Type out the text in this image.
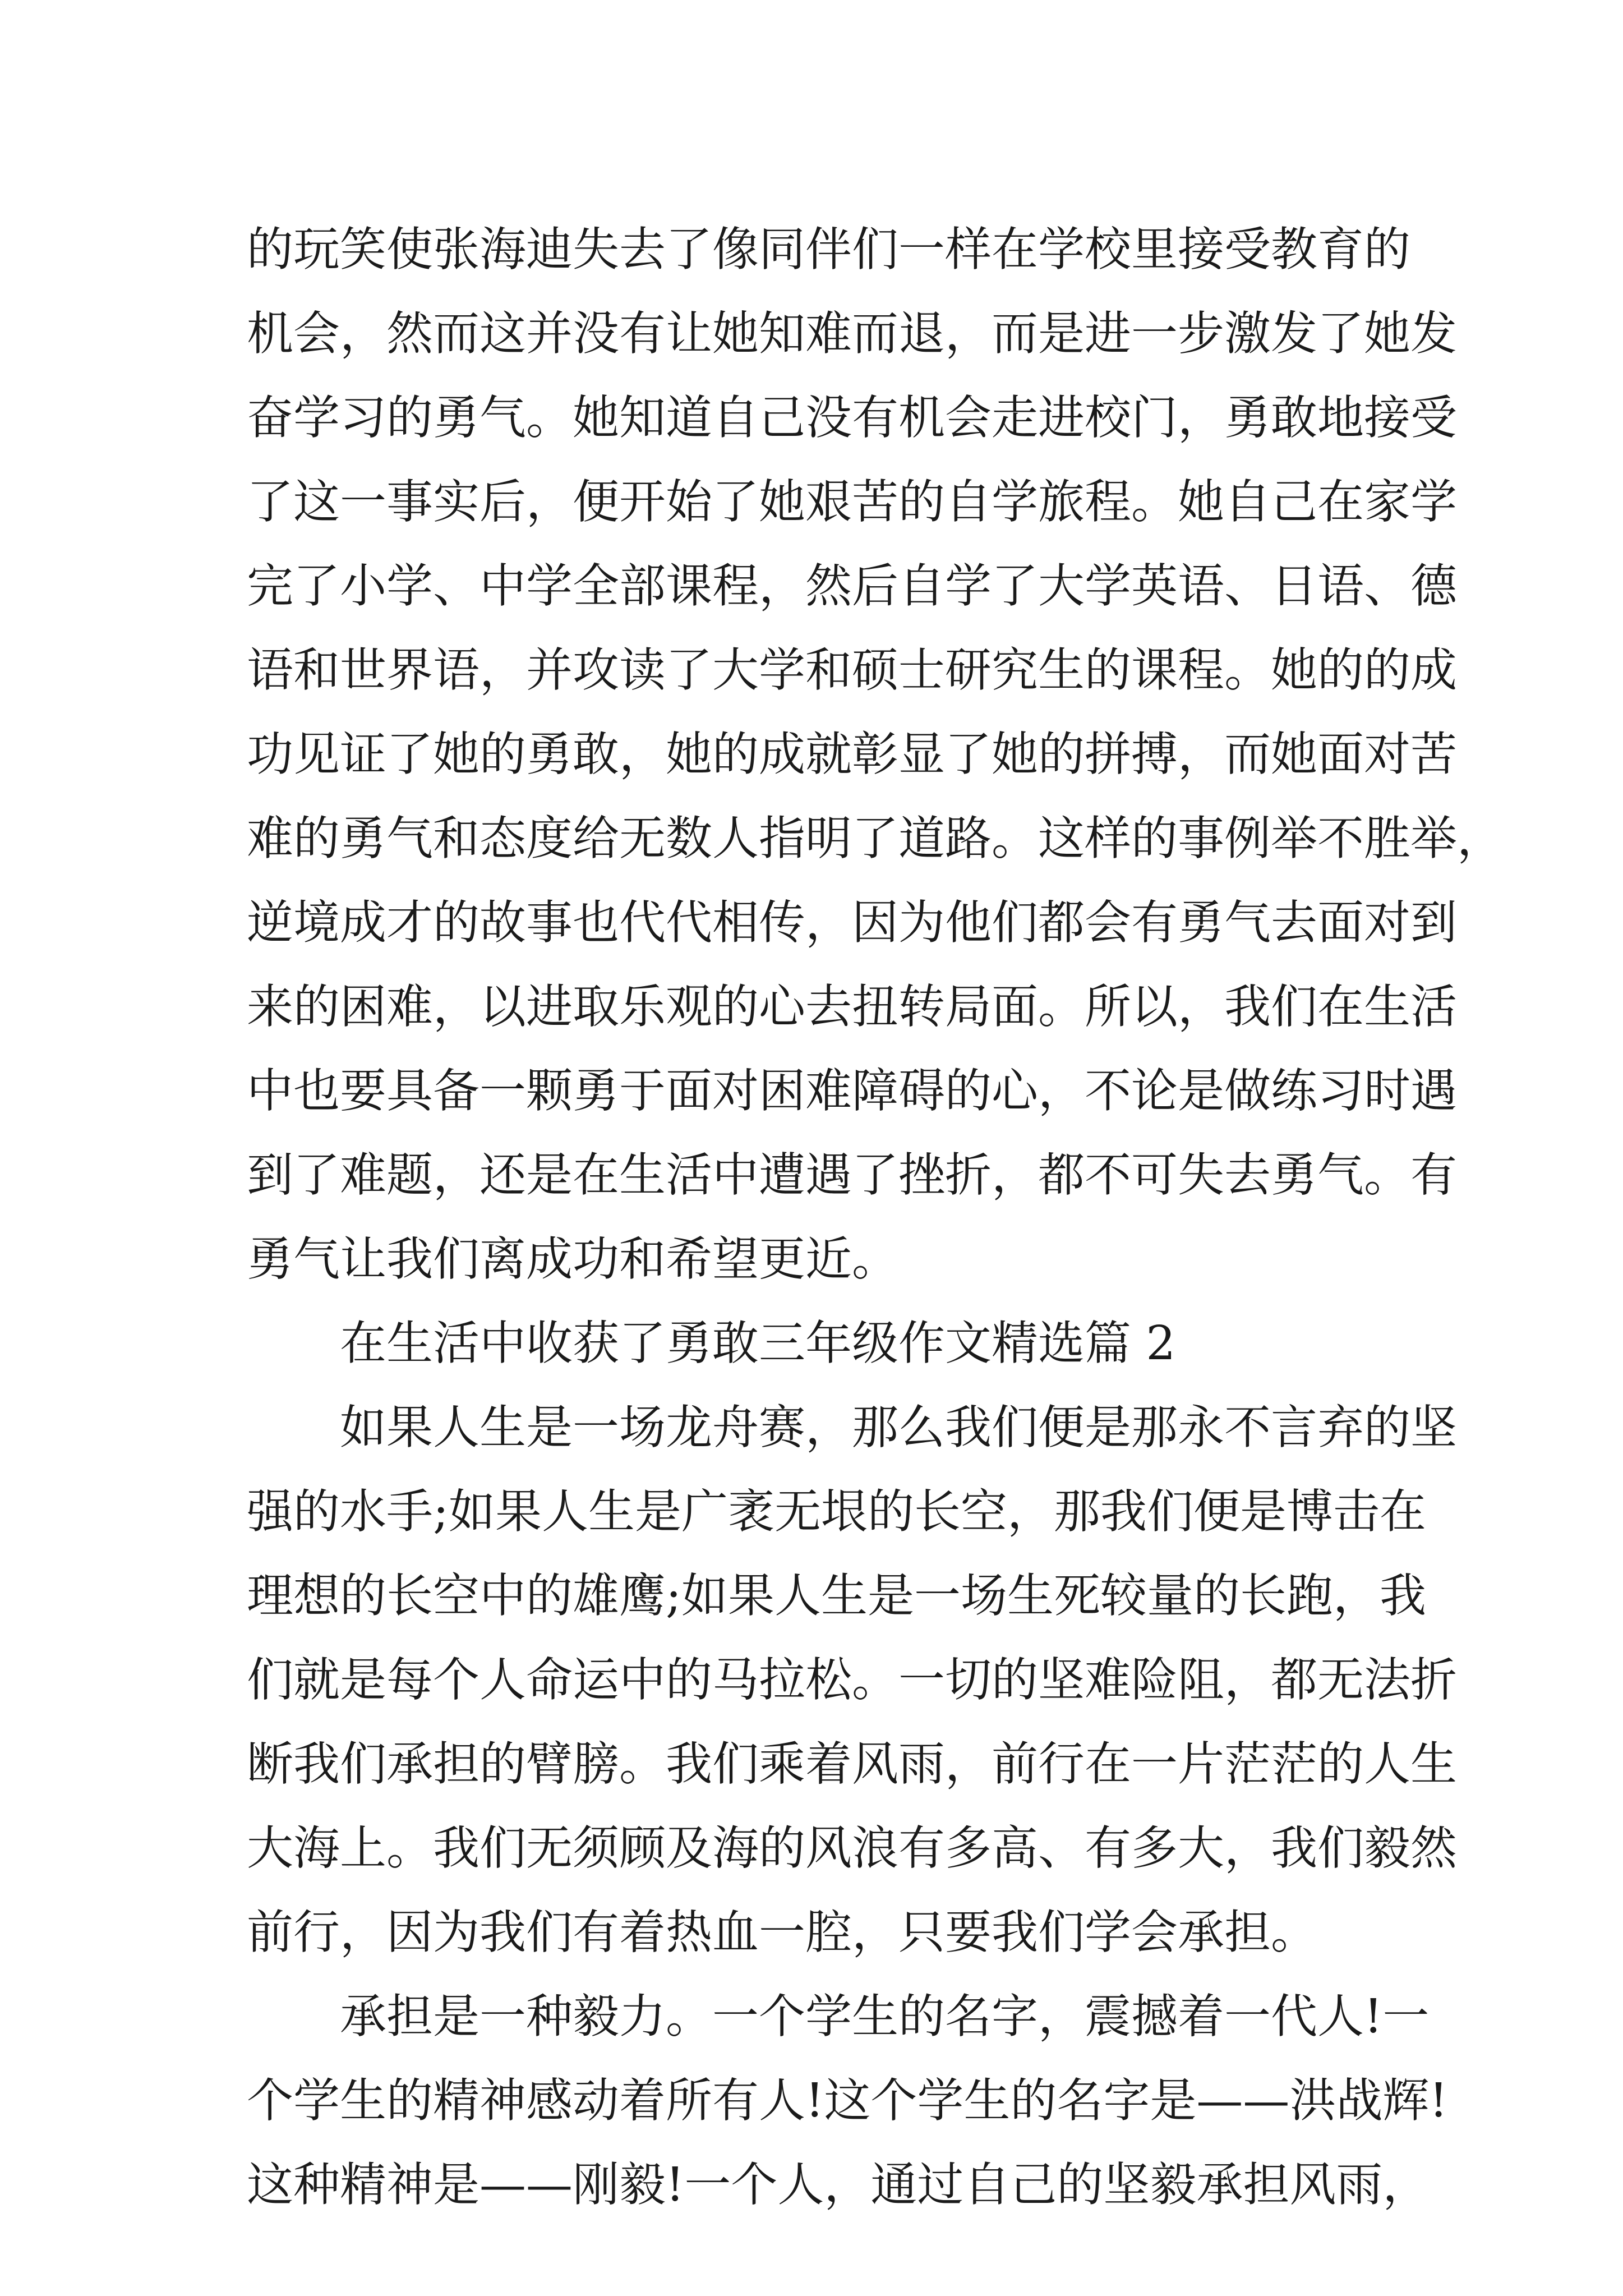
的玩笑使张海迪失去了像同伴们一样在学校里接受教育的
机会，然而这并没有让她知难而退，而是进一步激发了她发
奋学习的勇气。她知道自己没有机会走进校门，勇敢地接受
了这一事实后，便开始了她艰苦的自学旅程。她自己在家学
完了小学、中学全部课程，然后自学了大学英语、日语、德
语和世界语，并攻读了大学和硕士研究生的课程。她的的成
功见证了她的勇敢，她的成就彰显了她的拼搏，而她面对苦
难的勇气和态度给无数人指明了道路。这样的事例举不胜举，
逆境成才的故事也代代相传，因为他们都会有勇气去面对到
来的困难，以进取乐观的心去扭转局面。所以，我们在生活
中也要具备一颗勇于面对困难障碍的心，不论是做练习时遇
到了难题，还是在生活中遭遇了挫折，都不可失去勇气。有
勇气让我们离成功和希望更近。
在生活中收获了勇敢三年级作文精选篇 2
如果人生是一场龙舟赛，那么我们便是那永不言弃的坚
强的水手;如果人生是广袤无垠的长空，那我们便是博击在
理想的长空中的雄鹰;如果人生是一场生死较量的长跑，我
们就是每个人命运中的马拉松。一切的坚难险阻，都无法折
断我们承担的臂膀。我们乘着风雨，前行在一片茫茫的人生
大海上。我们无须顾及海的风浪有多高、有多大，我们毅然
前行，因为我们有着热血一腔，只要我们学会承担。
承担是一种毅力。一个学生的名字，震撼着一代人!一
个学生的精神感动着所有人!这个学生的名字是——洪战辉!
这种精神是——刚毅!一个人，通过自己的坚毅承担风雨，
